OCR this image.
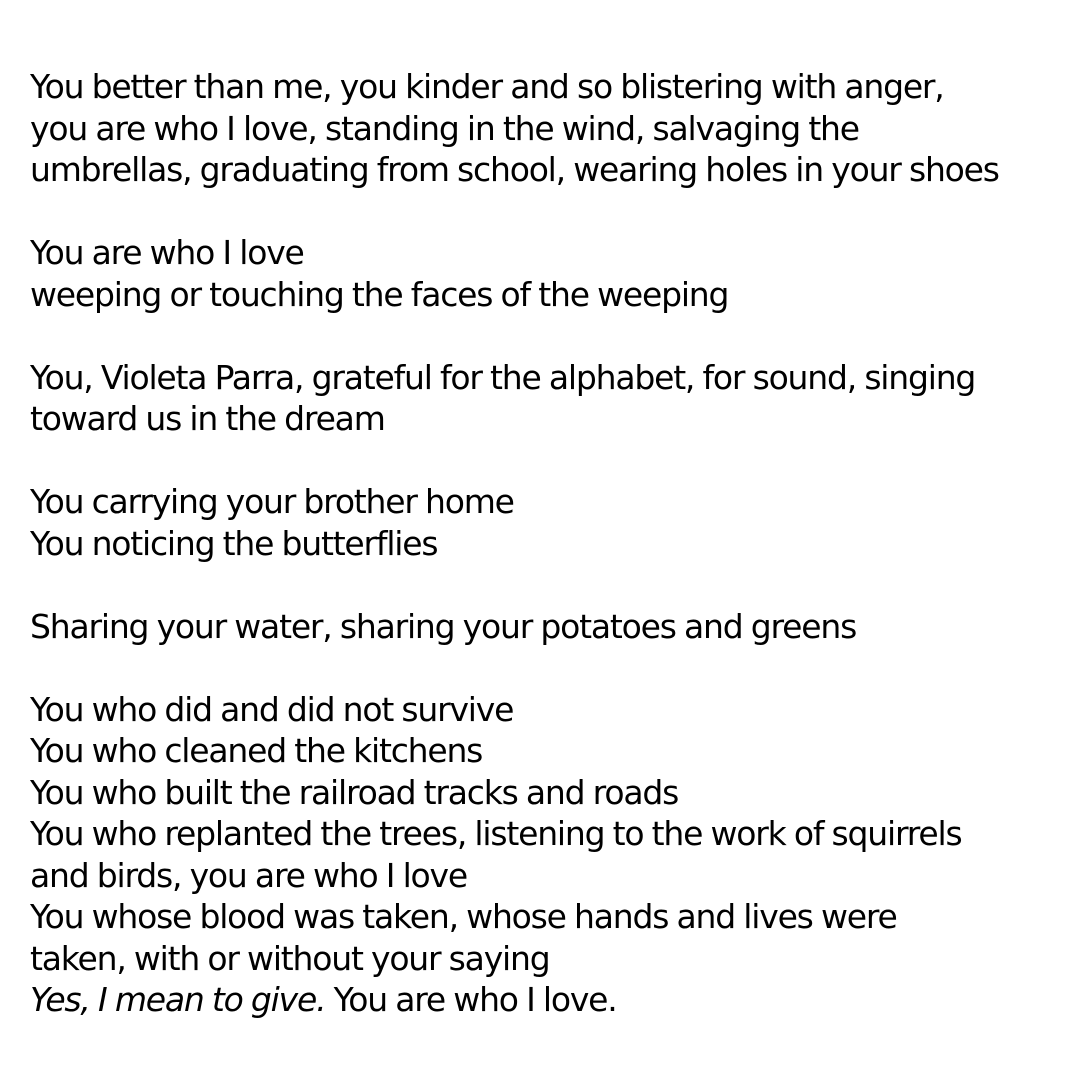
You better than me, you kinder and so blistering with anger,
you are who I love, standing in the wind, salvaging the
umbrellas, graduating from school, wearing holes in your shoes
You are who I love
weeping or touching the faces of the weeping
You, Violeta Parra, grateful for the alphabet, for sound, singing
toward us in the dream
You carrying your brother home
You noticing the butterflies
Sharing your water, sharing your potatoes and greens
You who did and did not survive
You who cleaned the kitchens
You who built the railroad tracks and roads
You who replanted the trees, listening to the work of squirrels
and birds, you are who I love
You whose blood was taken, whose hands and lives were
taken, with or without your saying
Yes, I mean to give. You are who I love.
